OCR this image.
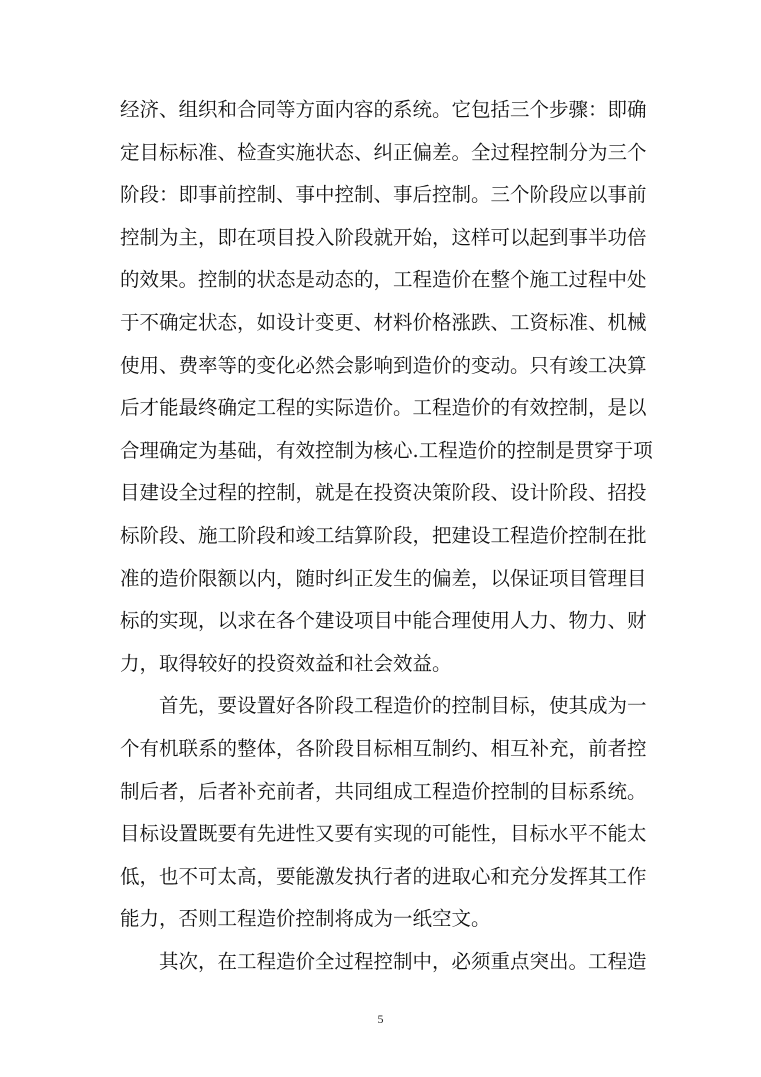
经济、组织和合同等方面内容的系统。它包括三个步骤：即确
定目标标准、检查实施状态、纠正偏差。全过程控制分为三个
阶段：即事前控制、事中控制、事后控制。三个阶段应以事前
控制为主，即在项目投入阶段就开始，这样可以起到事半功倍
的效果。控制的状态是动态的，工程造价在整个施工过程中处
于不确定状态，如设计变更、材料价格涨跌、工资标准、机械
使用、费率等的变化必然会影响到造价的变动。只有竣工决算
后才能最终确定工程的实际造价。工程造价的有效控制，是以
合理确定为基础，有效控制为核心.工程造价的控制是贯穿于项
目建设全过程的控制，就是在投资决策阶段、设计阶段、招投
标阶段、施工阶段和竣工结算阶段，把建设工程造价控制在批
准的造价限额以内，随时纠正发生的偏差，以保证项目管理目
标的实现，以求在各个建设项目中能合理使用人力、物力、财
力，取得较好的投资效益和社会效益。
首先，要设置好各阶段工程造价的控制目标，使其成为一
个有机联系的整体，各阶段目标相互制约、相互补充，前者控
制后者，后者补充前者，共同组成工程造价控制的目标系统。
目标设置既要有先进性又要有实现的可能性，目标水平不能太
低，也不可太高，要能激发执行者的进取心和充分发挥其工作
能力，否则工程造价控制将成为一纸空文。
其次，在工程造价全过程控制中，必须重点突出。工程造
5
